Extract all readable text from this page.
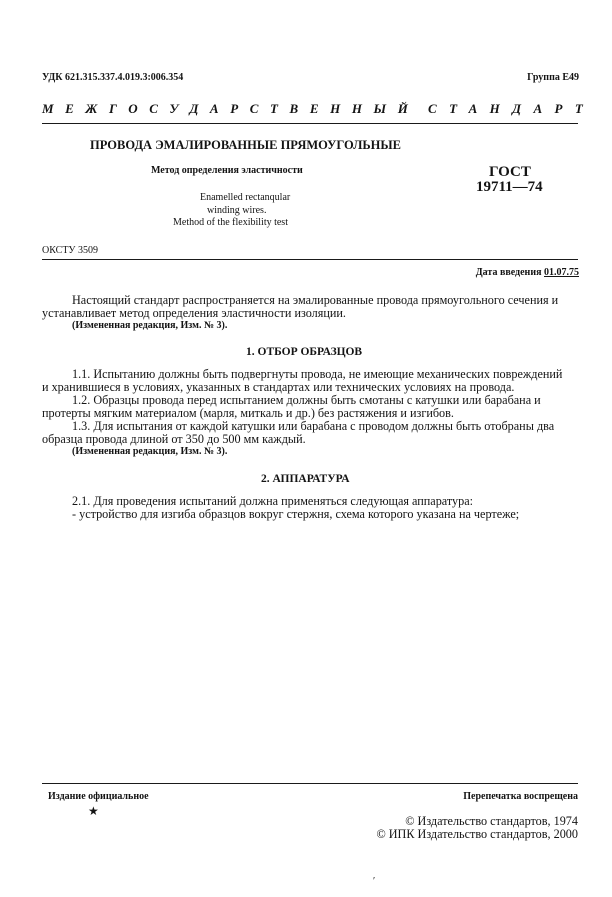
УДК 621.315.337.4.019.3:006.354	Группа Е49
МЕЖГОСУДАРСТВЕННЫЙ СТАНДАРТ
ПРОВОДА ЭМАЛИРОВАННЫЕ ПРЯМОУГОЛЬНЫЕ
Метод определения эластичности
Enamelled rectanqular
winding wires.
Method of the flexibility test
ГОСТ
19711—74
ОКСТУ 3509
Дата введения 01.07.75
Настоящий стандарт распространяется на эмалированные провода прямоугольного сечения и
устанавливает метод определения эластичности изоляции.
(Измененная редакция, Изм. № 3).
1. ОТБОР ОБРАЗЦОВ
1.1. Испытанию должны быть подвергнуты провода, не имеющие механических повреждений
и хранившиеся в условиях, указанных в стандартах или технических условиях на провода.
1.2. Образцы провода перед испытанием должны быть смотаны с катушки или барабана и
протерты мягким материалом (марля, миткаль и др.) без растяжения и изгибов.
1.3. Для испытания от каждой катушки или барабана с проводом должны быть отобраны два
образца провода длиной от 350 до 500 мм каждый.
(Измененная редакция, Изм. № 3).
2. АППАРАТУРА
2.1. Для проведения испытаний должна применяться следующая аппаратура:
- устройство для изгиба образцов вокруг стержня, схема которого указана на чертеже;
Издание официальное
★
Перепечатка воспрещена
© Издательство стандартов, 1974
© ИПК Издательство стандартов, 2000
′
